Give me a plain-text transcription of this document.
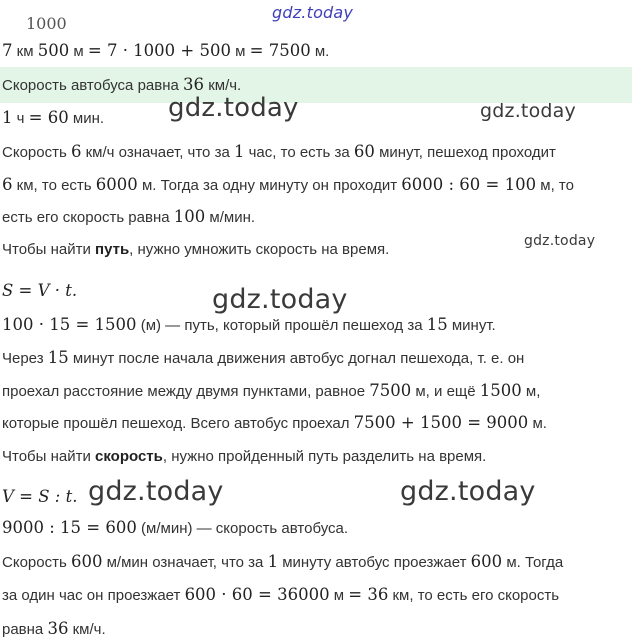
gdz.today
1000
7 км 500 м = 7 · 1000 + 500 м = 7500 м.
Скорость автобуса равна 36 км/ч.
1 ч = 60 мин.
Скорость 6 км/ч означает, что за 1 час, то есть за 60 минут, пешеход проходит
6 км, то есть 6000 м. Тогда за одну минуту он проходит 6000 : 60 = 100 м, то
есть его скорость равна 100 м/мин.
Чтобы найти путь, нужно умножить скорость на время.
S = V · t.
100 · 15 = 1500 (м) — путь, который прошёл пешеход за 15 минут.
Через 15 минут после начала движения автобус догнал пешехода, т. е. он
проехал расстояние между двумя пунктами, равное 7500 м, и ещё 1500 м,
которые прошёл пешеход. Всего автобус проехал 7500 + 1500 = 9000 м.
Чтобы найти скорость, нужно пройденный путь разделить на время.
V = S : t.
9000 : 15 = 600 (м/мин) — скорость автобуса.
Скорость 600 м/мин означает, что за 1 минуту автобус проезжает 600 м. Тогда
за один час он проезжает 600 · 60 = 36000 м = 36 км, то есть его скорость
равна 36 км/ч.
gdz.today	gdz.today
gdz.today
gdz.today
gdz.today	gdz.today
